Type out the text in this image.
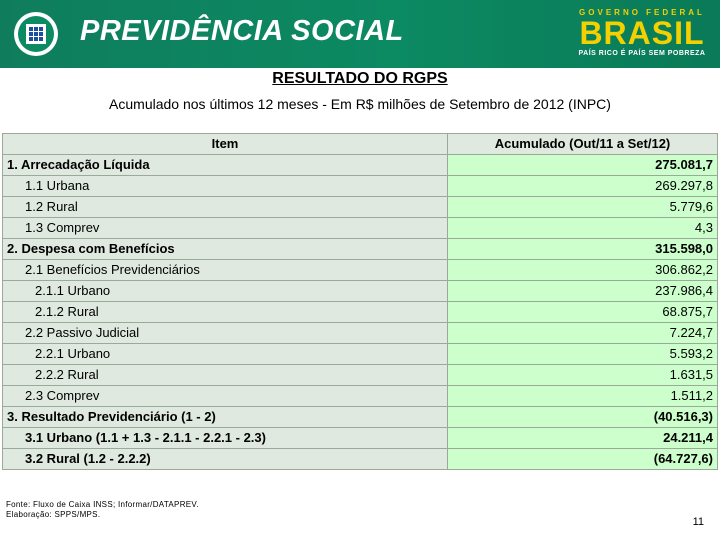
PREVIDÊNCIA SOCIAL
GOVERNO FEDERAL
BRASIL
PAÍS RICO É PAÍS SEM POBREZA
RESULTADO DO RGPS
Acumulado nos últimos 12 meses - Em R$ milhões de Setembro de 2012 (INPC)
Item	Acumulado (Out/11 a Set/12)
1. Arrecadação Líquida	275.081,7
1.1 Urbana	269.297,8
1.2 Rural	5.779,6
1.3 Comprev	4,3
2. Despesa com Benefícios	315.598,0
2.1 Benefícios Previdenciários	306.862,2
2.1.1 Urbano	237.986,4
2.1.2 Rural	68.875,7
2.2 Passivo Judicial	7.224,7
2.2.1 Urbano	5.593,2
2.2.2 Rural	1.631,5
2.3 Comprev	1.511,2
3. Resultado Previdenciário (1 - 2)	(40.516,3)
3.1 Urbano (1.1 + 1.3 - 2.1.1 - 2.2.1 - 2.3)	24.211,4
3.2 Rural (1.2 - 2.2.2)	(64.727,6)
Fonte: Fluxo de Caixa INSS; Informar/DATAPREV.
Elaboração: SPPS/MPS.
11
